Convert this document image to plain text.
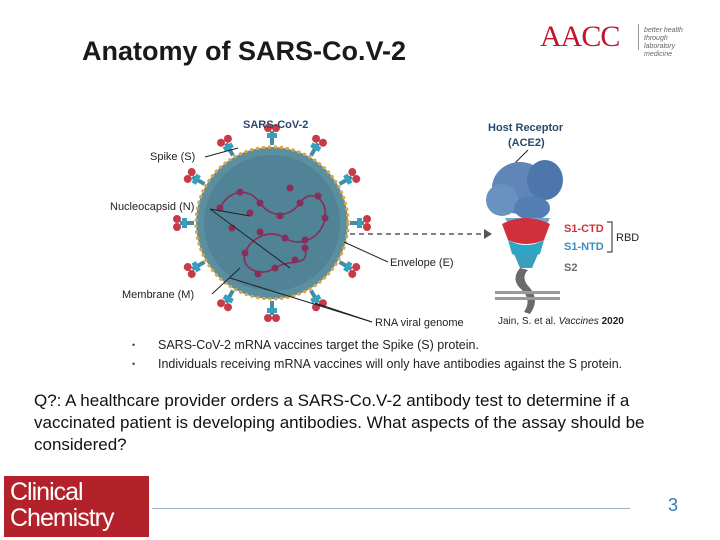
Anatomy of SARS-Co.V-2	AACC	better health through
laboratory medicine
SARS-CoV-2
Spike (S)
Nucleocapsid (N)
Membrane (M)
Envelope (E)
RNA viral genome
Host Receptor
(ACE2)
S1-CTD
S1-NTD
S2
RBD
Jain, S. et al. Vaccines 2020
• SARS-CoV-2 mRNA vaccines target the Spike (S) protein.
• Individuals receiving mRNA vaccines will only have antibodies against the S protein.
Q?: A healthcare provider orders a SARS-Co.V-2 antibody test to determine if a vaccinated patient is developing antibodies. What aspects of the assay should be considered?
Clinical
Chemistry	3
